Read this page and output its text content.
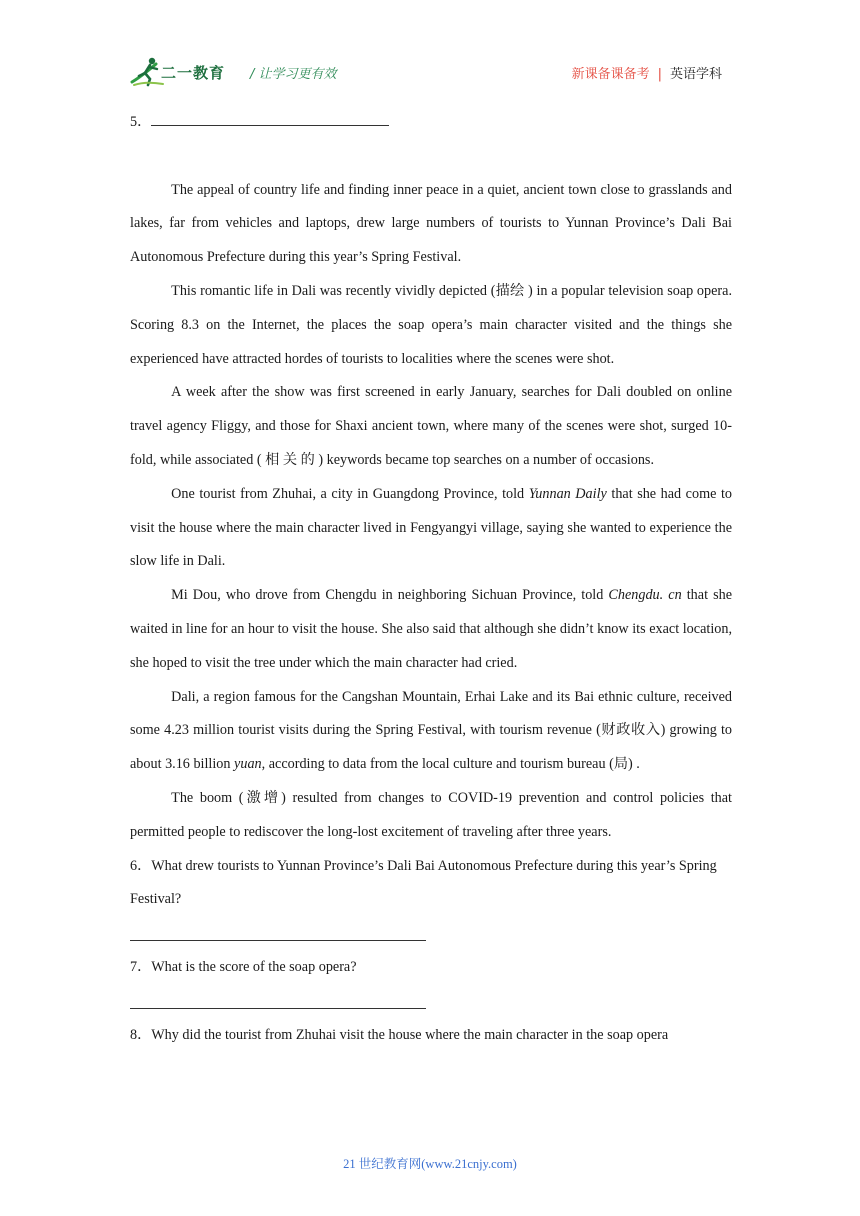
二一教育 / 让学习更有效	新课备课备考 | 英语学科
5．

The appeal of country life and finding inner peace in a quiet, ancient town close to grasslands and lakes, far from vehicles and laptops, drew large numbers of tourists to Yunnan Province’s Dali Bai Autonomous Prefecture during this year’s Spring Festival.

This romantic life in Dali was recently vividly depicted (描绘 ) in a popular television soap opera. Scoring 8.3 on the Internet, the places the soap opera’s main character visited and the things she experienced have attracted hordes of tourists to localities where the scenes were shot.

A week after the show was first screened in early January, searches for Dali doubled on online travel agency Fliggy, and those for Shaxi ancient town, where many of the scenes were shot, surged 10-fold, while associated ( 相 关 的 ) keywords became top searches on a number of occasions.

One tourist from Zhuhai, a city in Guangdong Province, told Yunnan Daily that she had come to visit the house where the main character lived in Fengyangyi village, saying she wanted to experience the slow life in Dali.

Mi Dou, who drove from Chengdu in neighboring Sichuan Province, told Chengdu. cn that she waited in line for an hour to visit the house. She also said that although she didn’t know its exact location, she hoped to visit the tree under which the main character had cried.

Dali, a region famous for the Cangshan Mountain, Erhai Lake and its Bai ethnic culture, received some 4.23 million tourist visits during the Spring Festival, with tourism revenue (财政收入) growing to about 3.16 billion yuan, according to data from the local culture and tourism bureau (局) .

The boom (激增) resulted from changes to COVID-19 prevention and control policies that permitted people to rediscover the long-lost excitement of traveling after three years.

6．What drew tourists to Yunnan Province’s Dali Bai Autonomous Prefecture during this year’s Spring Festival?

7．What is the score of the soap opera?

8．Why did the tourist from Zhuhai visit the house where the main character in the soap opera

21 世纪教育网(www.21cnjy.com)
